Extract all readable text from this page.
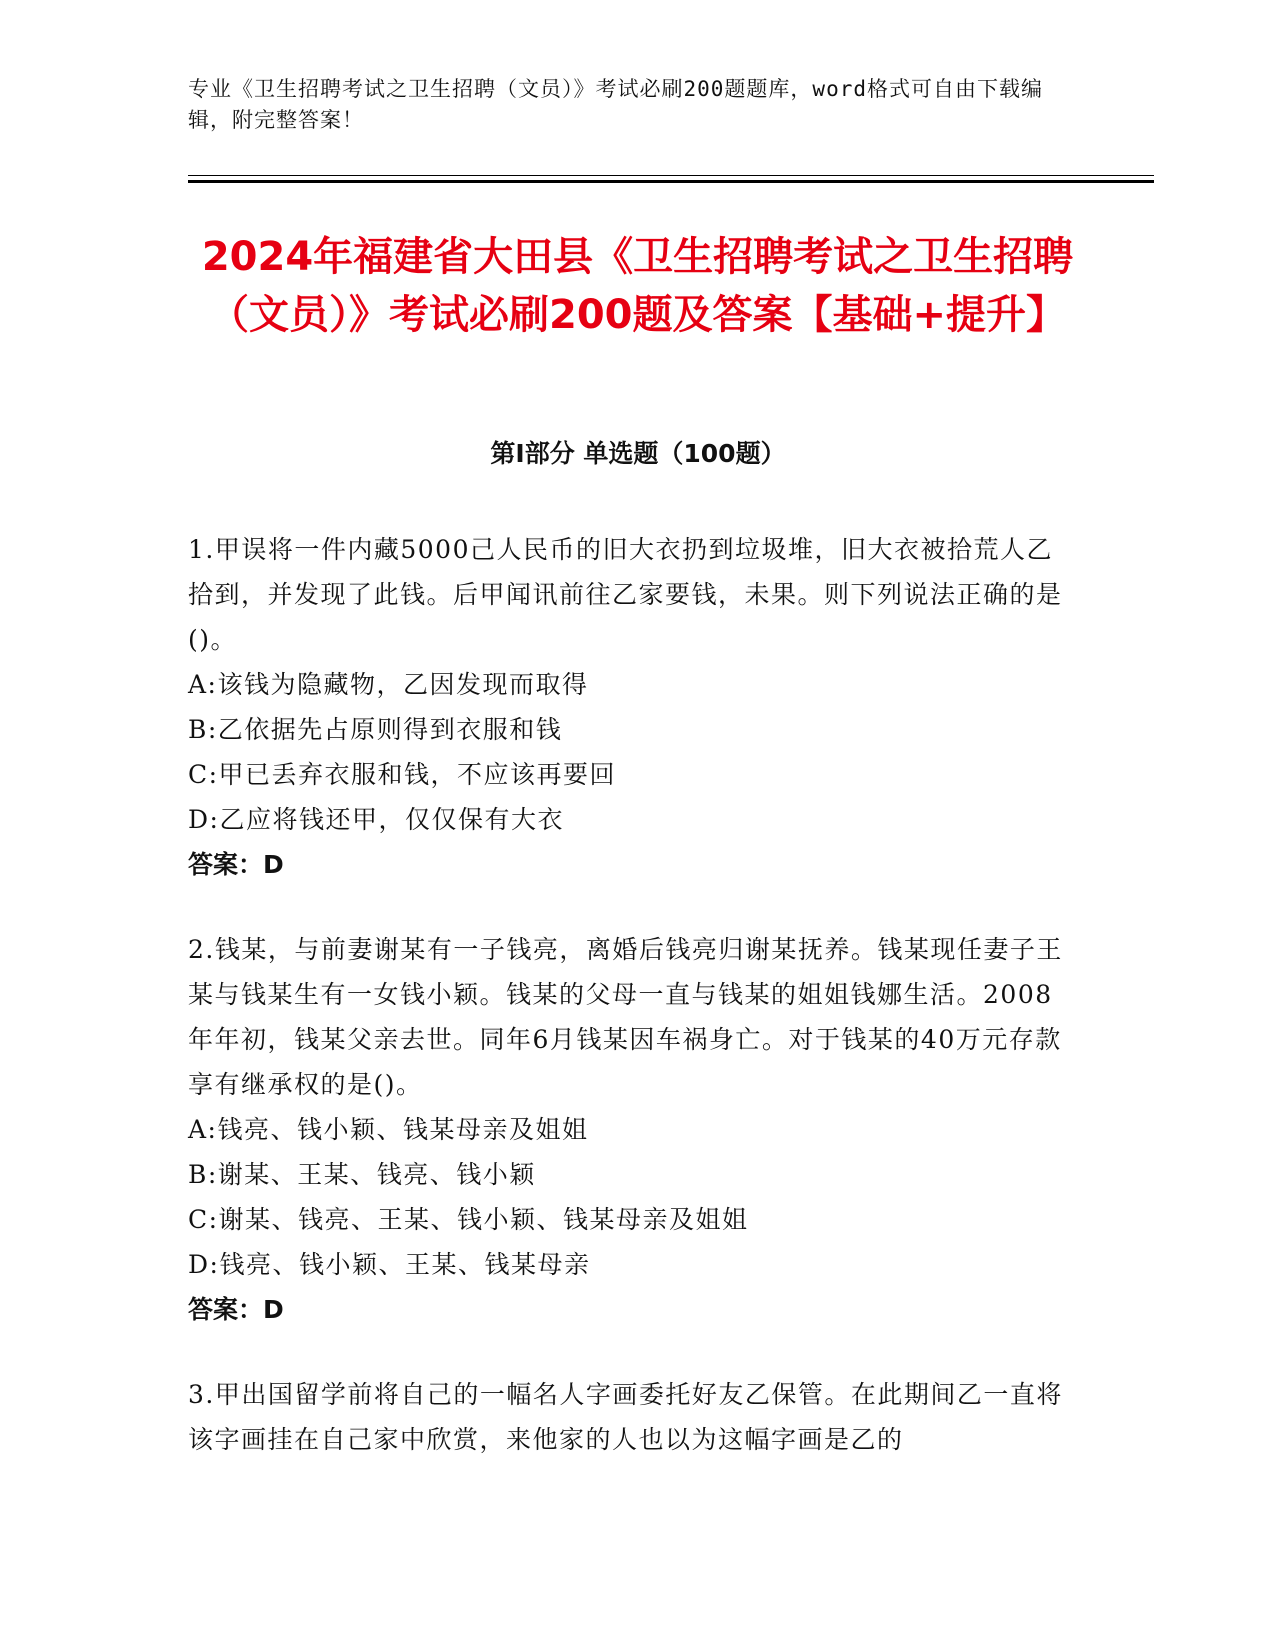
专业《卫生招聘考试之卫生招聘（文员）》考试必刷200题题库，word格式可自由下载编辑，附完整答案！
2024年福建省大田县《卫生招聘考试之卫生招聘（文员）》考试必刷200题及答案【基础+提升】
第Ⅰ部分 单选题（100题）
1.甲误将一件内藏5000己人民币的旧大衣扔到垃圾堆，旧大衣被拾荒人乙拾到，并发现了此钱。后甲闻讯前往乙家要钱，未果。则下列说法正确的是()。
A:该钱为隐藏物，乙因发现而取得
B:乙依据先占原则得到衣服和钱
C:甲已丢弃衣服和钱，不应该再要回
D:乙应将钱还甲，仅仅保有大衣
答案：D
2.钱某，与前妻谢某有一子钱亮，离婚后钱亮归谢某抚养。钱某现任妻子王某与钱某生有一女钱小颖。钱某的父母一直与钱某的姐姐钱娜生活。2008年年初，钱某父亲去世。同年6月钱某因车祸身亡。对于钱某的40万元存款享有继承权的是()。
A:钱亮、钱小颖、钱某母亲及姐姐
B:谢某、王某、钱亮、钱小颖
C:谢某、钱亮、王某、钱小颖、钱某母亲及姐姐
D:钱亮、钱小颖、王某、钱某母亲
答案：D
3.甲出国留学前将自己的一幅名人字画委托好友乙保管。在此期间乙一直将该字画挂在自己家中欣赏，来他家的人也以为这幅字画是乙的
